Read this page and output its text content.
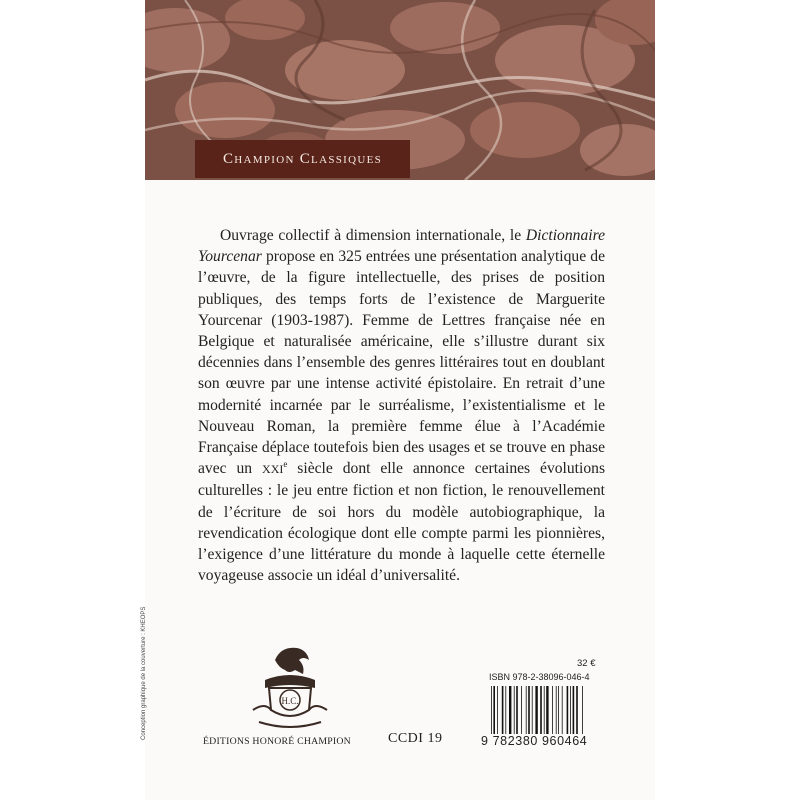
Champion Classiques
Ouvrage collectif à dimension internationale, le Dictionnaire Yourcenar propose en 325 entrées une présentation analytique de l’œuvre, de la figure intellectuelle, des prises de position publiques, des temps forts de l’existence de Marguerite Yourcenar (1903-1987). Femme de Lettres française née en Belgique et naturalisée américaine, elle s’illustre durant six décennies dans l’ensemble des genres littéraires tout en doublant son œuvre par une intense activité épistolaire. En retrait d’une modernité incarnée par le surréalisme, l’existentialisme et le Nouveau Roman, la première femme élue à l’Académie Française déplace toutefois bien des usages et se trouve en phase avec un XXIe siècle dont elle annonce certaines évolutions culturelles : le jeu entre fiction et non fiction, le renouvellement de l’écriture de soi hors du modèle autobiographique, la revendication écologique dont elle compte parmi les pionnières, l’exigence d’une littérature du monde à laquelle cette éternelle voyageuse associe un idéal d’universalité.
Conception graphique de la couverture : KHEOPS	H.C.
ÉDITIONS HONORÉ CHAMPION	CCDI 19
32 €
ISBN 978-2-38096-046-4
9 782380 960464
